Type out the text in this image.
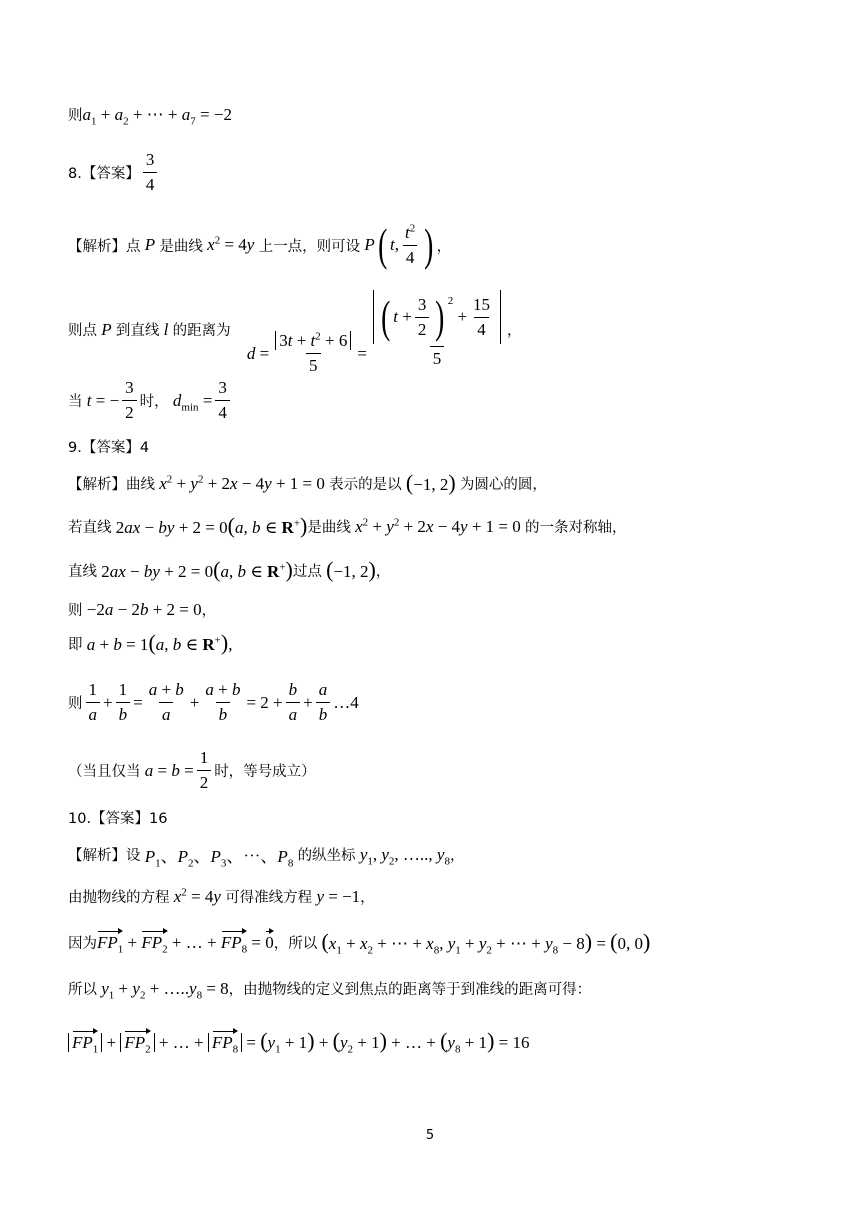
则 $a_1 + a_2$ + ⋯ + $a_7 = -2$
8.【答案】 $\frac{3}{4}$
【解析】 点 P 是曲线 $x^2 = 4y$ 上一点，则可设 P ( t , $\frac{t^2}{4}$ ) ，
则点 P 到直线 l 的距离为
$d = \frac{3t + t^2 + 6}{5}$ = ( $t + \frac{3}{2}$ ) $^2$
+ $\frac{15}{4}$
5 ，
当 t = − $\frac{3}{2}$ 时， $d_{min} = \frac{3}{4}$
9.【答案】4
【解析】 曲线 $x^2 + y^2 + 2x - 4y + 1 = 0$ 表示的是以 (−1, 2) 为圆心的圆，
若直线 2ax − by + 2 = 0(a, b ∈ R+) 是曲线 $x^2 + y^2 + 2x - 4y + 1 = 0$ 的一条对称轴，
直线 2ax − by + 2 = 0(a, b ∈ R+) 过点 (−1, 2) ，
则 −2a − 2b + 2 = 0 ，
即 a + b = 1(a, b ∈ R+),
则 $\frac{1}{a} + \frac{1}{b} = \frac{a + b}{a} + \frac{a + b}{b} = 2 + \frac{b}{a} + \frac{a}{b}$ …4
（当且仅当 $a = b = \frac{1}{2}$ 时，等号成立）
10.【答案】16
【解析】 设 $P_1$、$P_2$、$P_3$、⋯、$P_8$ 的纵坐标 $y_1$, $y_2$, ….., $y_8$ ，
由抛物线的方程 $x^2 = 4y$ 可得准线方程 y = −1 ，
因为 $FP_1 + FP_2$ + … + $FP_8 = 0$ ，所以 ($x_1 + x_2$ + ⋯ + $x_8$, $y_1 + y_2$ + ⋯ + $y_8 - 8) = (0$, 0)
所以 $y_1 + y_2$ + $\dots..y_8 = 8$ ，由抛物线的定义到焦点的距离等于到准线的距离可得：
$FP_1 + FP_2$ + … + $FP_8 = (y_1 + 1) + (y_2 + 1)$ + … + $(y_8 + 1) = 16$
5
